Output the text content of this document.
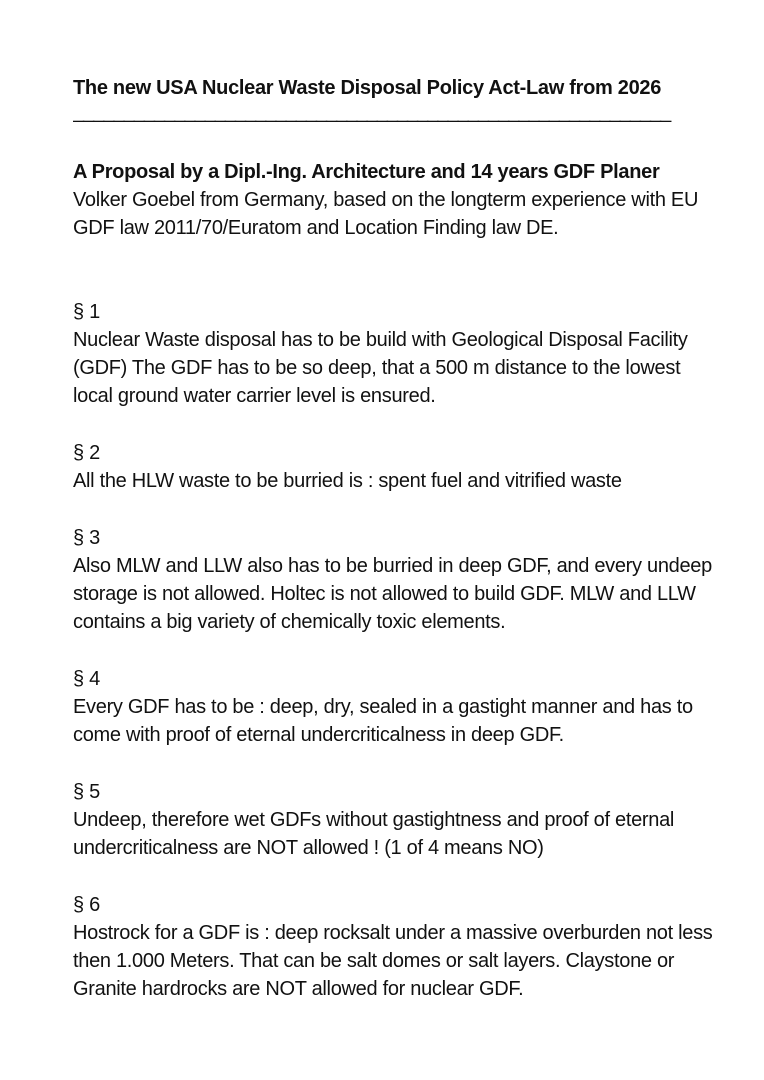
The new USA Nuclear Waste Disposal Policy Act-Law from 2026
___________________________________________________________
A Proposal by a Dipl.-Ing. Architecture and 14 years GDF Planer
Volker Goebel from Germany, based on the longterm experience with EU GDF law 2011/70/Euratom and Location Finding law DE.
§ 1
Nuclear Waste disposal has to be build with Geological Disposal Facility (GDF) The GDF has to be so deep, that a 500 m distance to the lowest local ground water carrier level is ensured.
§ 2
All the HLW waste to be burried is : spent fuel and vitrified waste
§ 3
Also MLW and LLW also has to be burried in deep GDF, and every undeep storage is not allowed. Holtec is not allowed to build GDF. MLW and LLW contains a big variety of chemically toxic elements.
§ 4
Every GDF has to be : deep, dry, sealed in a gastight manner and has to come with proof of eternal undercriticalness in deep GDF.
§ 5
Undeep, therefore wet GDFs without gastightness and proof of eternal undercriticalness are NOT allowed ! (1 of 4 means NO)
§ 6
Hostrock for a GDF is : deep rocksalt under a massive overburden not less then 1.000 Meters. That can be salt domes or salt layers. Claystone or Granite hardrocks are NOT allowed for nuclear GDF.
